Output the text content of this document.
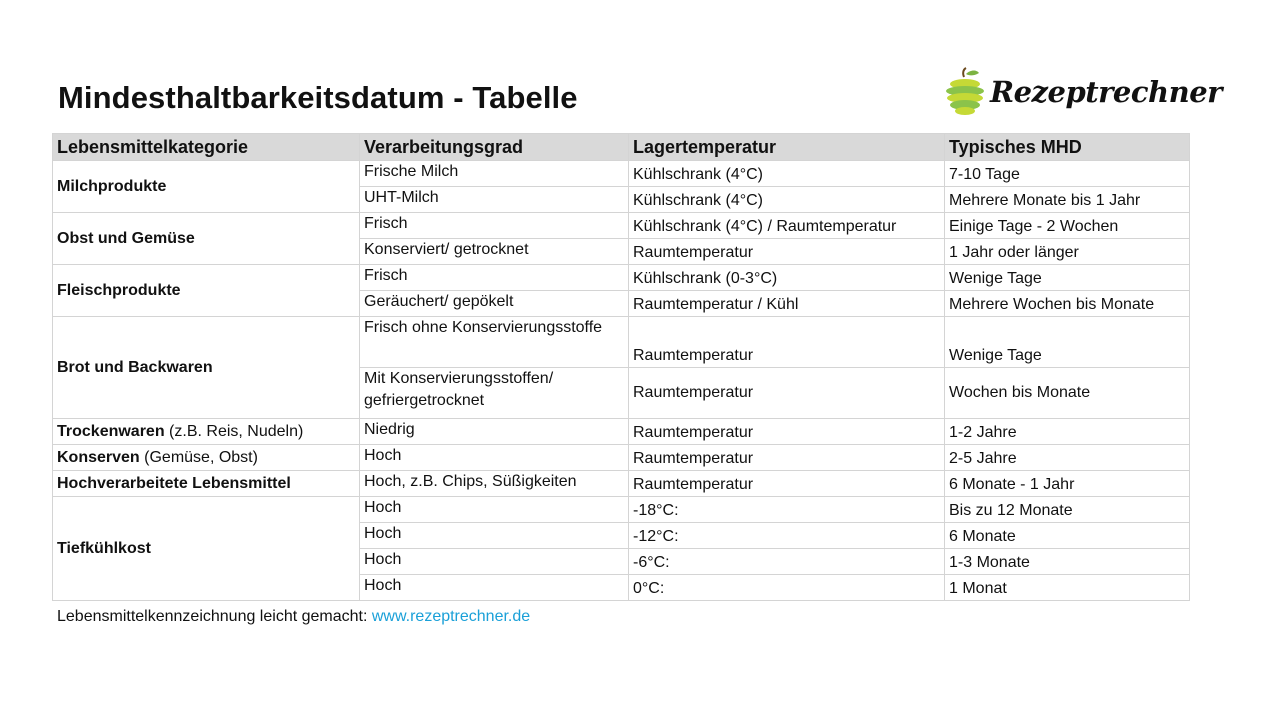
Mindesthaltbarkeitsdatum - Tabelle	Rezeptrechner
Lebensmittelkategorie	Verarbeitungsgrad	Lagertemperatur	Typisches MHD
Milchprodukte	Frische Milch	Kühlschrank (4°C)	7-10 Tage
	UHT-Milch	Kühlschrank (4°C)	Mehrere Monate bis 1 Jahr
Obst und Gemüse	Frisch	Kühlschrank (4°C) / Raumtemperatur	Einige Tage - 2 Wochen
	Konserviert/ getrocknet	Raumtemperatur	1 Jahr oder länger
Fleischprodukte	Frisch	Kühlschrank (0-3°C)	Wenige Tage
	Geräuchert/ gepökelt	Raumtemperatur / Kühl	Mehrere Wochen bis Monate
Brot und Backwaren	Frisch ohne Konservierungsstoffe	Raumtemperatur	Wenige Tage
	Mit Konservierungsstoffen/ gefriergetrocknet	Raumtemperatur	Wochen bis Monate
Trockenwaren (z.B. Reis, Nudeln)	Niedrig	Raumtemperatur	1-2 Jahre
Konserven (Gemüse, Obst)	Hoch	Raumtemperatur	2-5 Jahre
Hochverarbeitete Lebensmittel	Hoch, z.B. Chips, Süßigkeiten	Raumtemperatur	6 Monate - 1 Jahr
Tiefkühlkost	Hoch	-18°C:	Bis zu 12 Monate
	Hoch	-12°C:	6 Monate
	Hoch	-6°C:	1-3 Monate
	Hoch	0°C:	1 Monat
Lebensmittelkennzeichnung leicht gemacht: www.rezeptrechner.de
